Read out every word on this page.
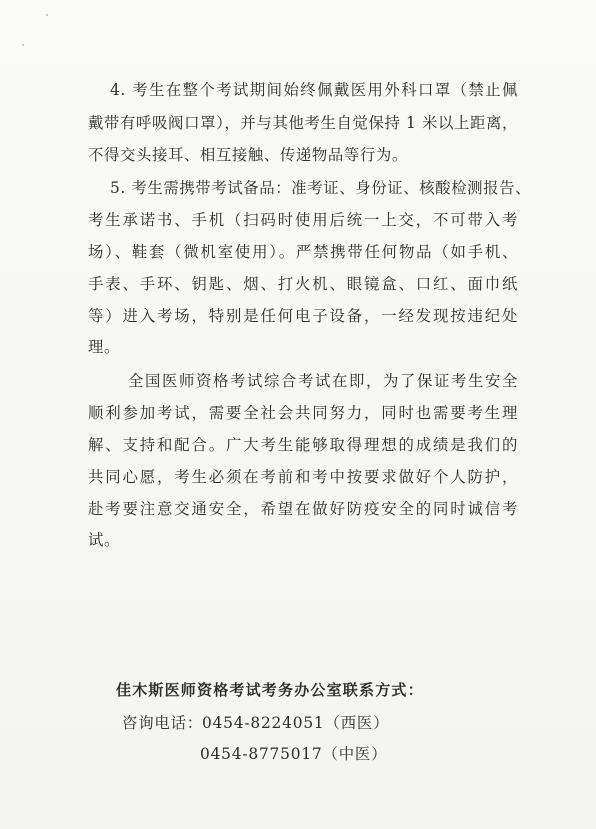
4. 考生在整个考试期间始终佩戴医用外科口罩（禁止佩
戴带有呼吸阀口罩），并与其他考生自觉保持 1 米以上距离，
不得交头接耳、相互接触、传递物品等行为。
5. 考生需携带考试备品：准考证、身份证、核酸检测报告、
考生承诺书、手机（扫码时使用后统一上交，不可带入考
场）、鞋套（微机室使用）。严禁携带任何物品（如手机、
手表、手环、钥匙、烟、打火机、眼镜盒、口红、面巾纸
等）进入考场，特别是任何电子设备，一经发现按违纪处
理。
全国医师资格考试综合考试在即，为了保证考生安全
顺利参加考试，需要全社会共同努力，同时也需要考生理
解、支持和配合。广大考生能够取得理想的成绩是我们的
共同心愿，考生必须在考前和考中按要求做好个人防护，
赴考要注意交通安全，希望在做好防疫安全的同时诚信考
试。
佳木斯医师资格考试考务办公室联系方式：
咨询电话： 0454-8224051（西医）
0454-8775017（中医）
